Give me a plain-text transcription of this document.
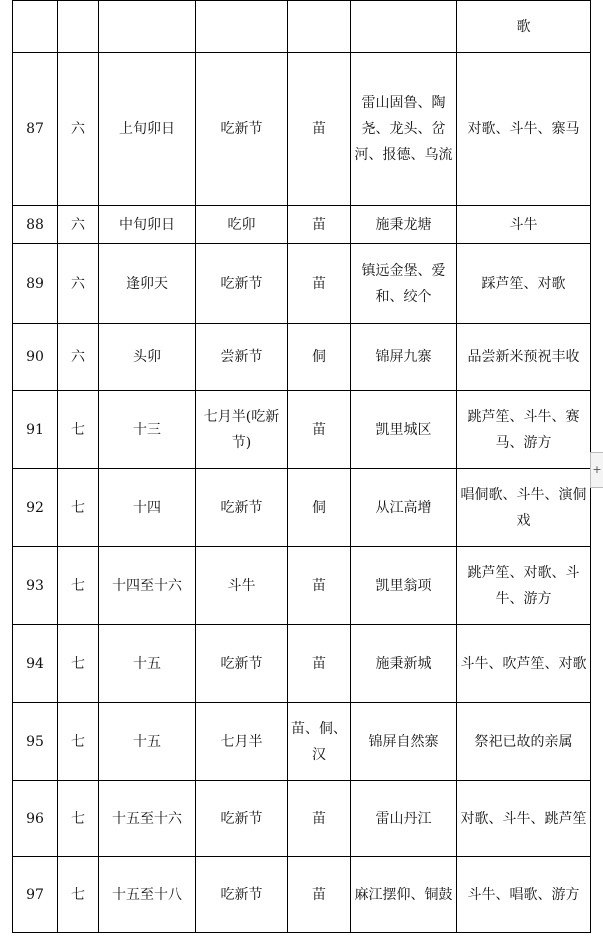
						歌
87	六	上旬卯日	吃新节	苗	雷山固鲁、陶尧、龙头、岔河、报德、乌流	对歌、斗牛、寨马
88	六	中旬卯日	吃卯	苗	施秉龙塘	斗牛
89	六	逢卯天	吃新节	苗	镇远金堡、爱和、绞个	踩芦笙、对歌
90	六	头卯	尝新节	侗	锦屏九寨	品尝新米预祝丰收
91	七	十三	七月半(吃新节)	苗	凯里城区	跳芦笙、斗牛、赛马、游方
92	七	十四	吃新节	侗	从江高增	唱侗歌、斗牛、演侗戏
93	七	十四至十六	斗牛	苗	凯里翁项	跳芦笙、对歌、斗牛、游方
94	七	十五	吃新节	苗	施秉新城	斗牛、吹芦笙、对歌
95	七	十五	七月半	苗、侗、汉	锦屏自然寨	祭祀已故的亲属
96	七	十五至十六	吃新节	苗	雷山丹江	对歌、斗牛、跳芦笙
97	七	十五至十八	吃新节	苗	麻江摆仰、铜鼓	斗牛、唱歌、游方
+
